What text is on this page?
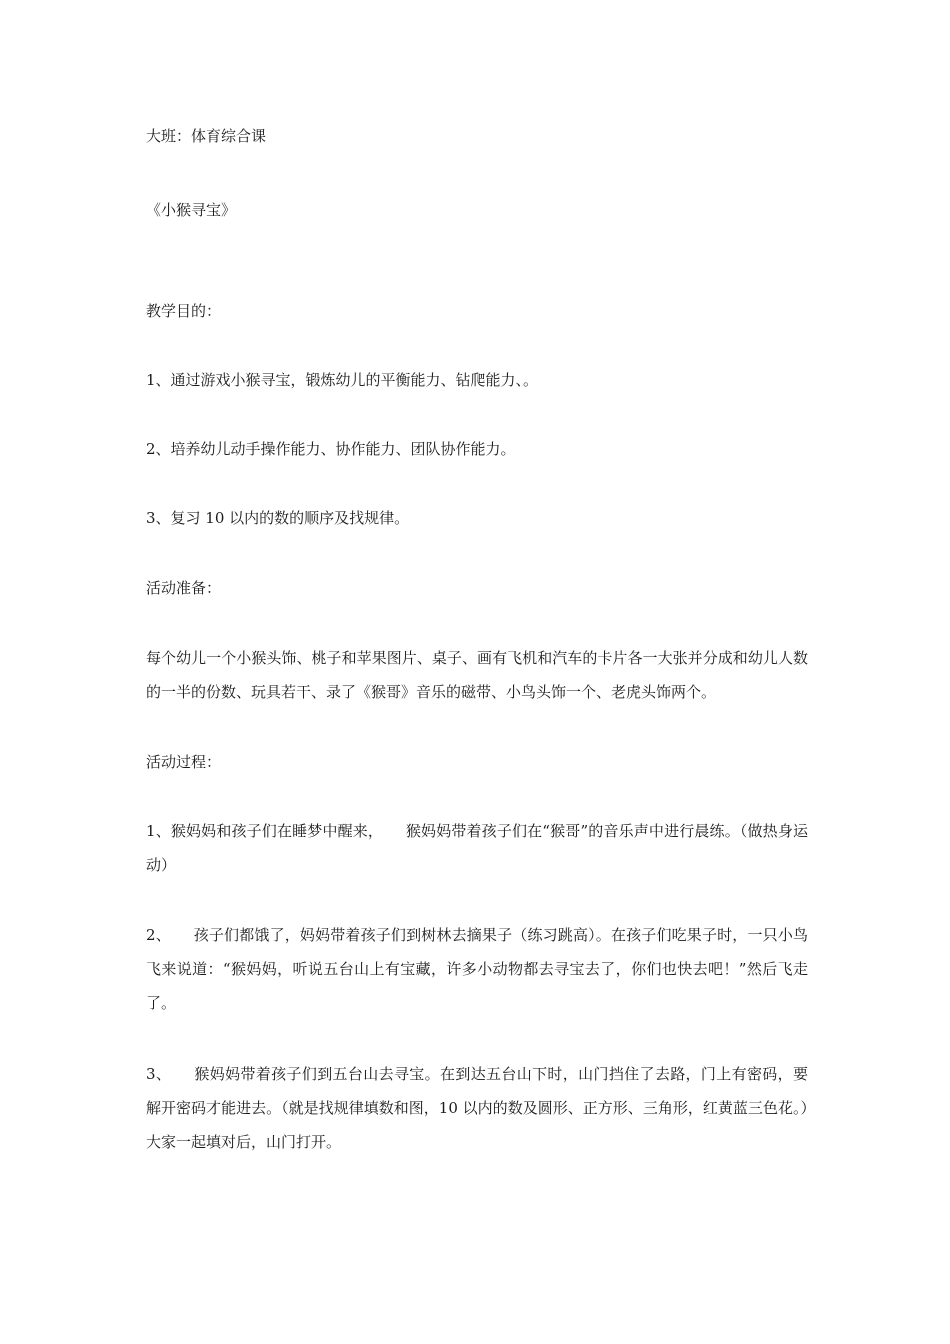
大班：体育综合课

《小猴寻宝》

教学目的：

1、通过游戏小猴寻宝，锻炼幼儿的平衡能力、钻爬能力、。

2、培养幼儿动手操作能力、协作能力、团队协作能力。

3、复习 10 以内的数的顺序及找规律。

活动准备：

每个幼儿一个小猴头饰、桃子和苹果图片、桌子、画有飞机和汽车的卡片各一大张并分成和幼儿人数的一半的份数、玩具若干、录了《猴哥》音乐的磁带、小鸟头饰一个、老虎头饰两个。

活动过程：

1、猴妈妈和孩子们在睡梦中醒来，　　猴妈妈带着孩子们在“猴哥”的音乐声中进行晨练。（做热身运动）

2、　　孩子们都饿了，妈妈带着孩子们到树林去摘果子（练习跳高）。在孩子们吃果子时，一只小鸟飞来说道：“猴妈妈，听说五台山上有宝藏，许多小动物都去寻宝去了，你们也快去吧！”然后飞走了。

3、　　猴妈妈带着孩子们到五台山去寻宝。在到达五台山下时，山门挡住了去路，门上有密码，要解开密码才能进去。（就是找规律填数和图，10 以内的数及圆形、正方形、三角形，红黄蓝三色花。）大家一起填对后，山门打开。
